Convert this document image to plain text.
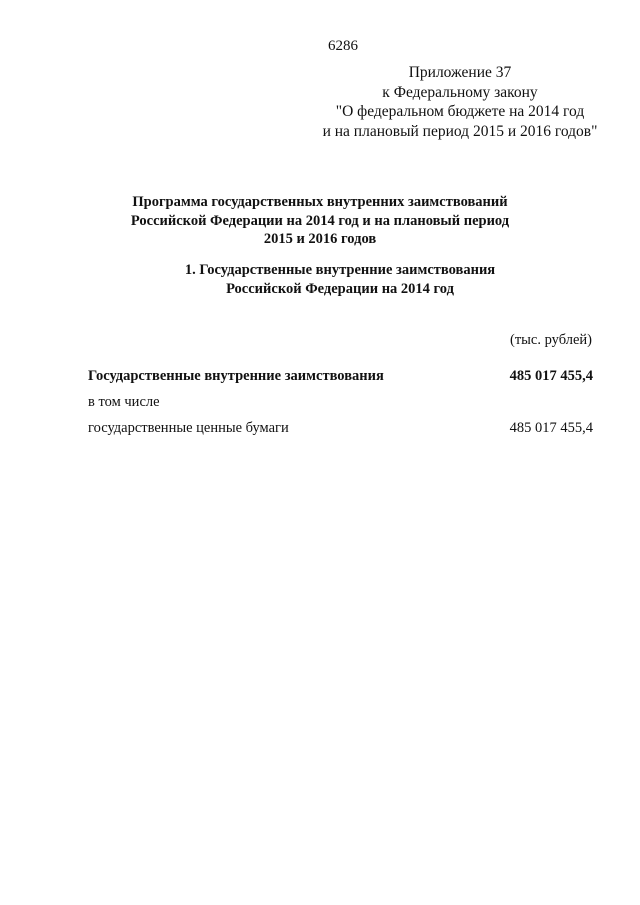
6286
Приложение 37
к Федеральному закону
"О федеральном бюджете на 2014 год
и на плановый период 2015 и 2016 годов"
Программа государственных внутренних заимствований
Российской Федерации на 2014 год и на плановый период
2015 и 2016 годов
1. Государственные внутренние заимствования
Российской Федерации на 2014 год
(тыс. рублей)
Государственные внутренние заимствования	485 017 455,4
в том числе
государственные ценные бумаги	485 017 455,4
